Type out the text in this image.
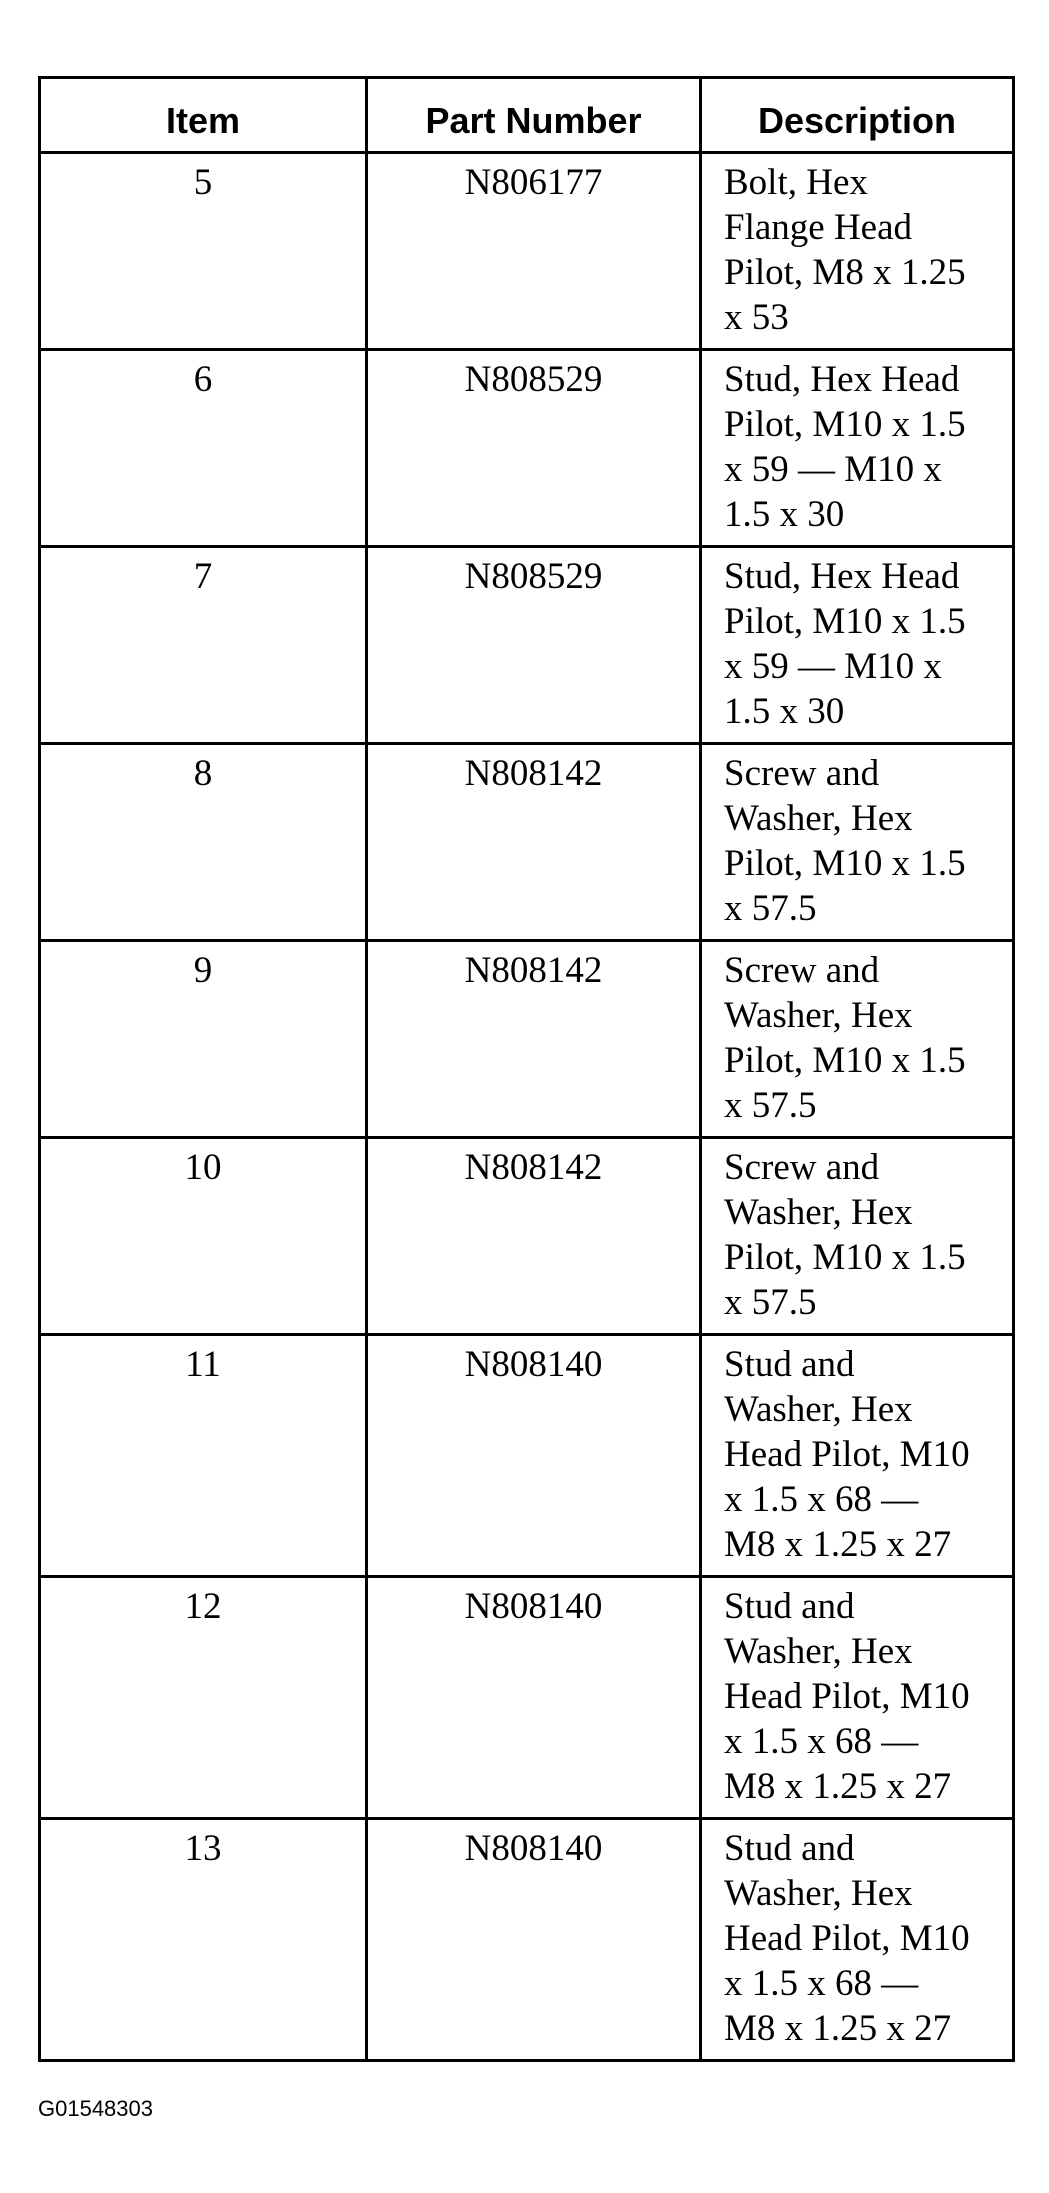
Item	Part Number	Description
5	N806177	Bolt, Hex
Flange Head
Pilot, M8 x 1.25
x 53
6	N808529	Stud, Hex Head
Pilot, M10 x 1.5
x 59 — M10 x
1.5 x 30
7	N808529	Stud, Hex Head
Pilot, M10 x 1.5
x 59 — M10 x
1.5 x 30
8	N808142	Screw and
Washer, Hex
Pilot, M10 x 1.5
x 57.5
9	N808142	Screw and
Washer, Hex
Pilot, M10 x 1.5
x 57.5
10	N808142	Screw and
Washer, Hex
Pilot, M10 x 1.5
x 57.5
11	N808140	Stud and
Washer, Hex
Head Pilot, M10
x 1.5 x 68 —
M8 x 1.25 x 27
12	N808140	Stud and
Washer, Hex
Head Pilot, M10
x 1.5 x 68 —
M8 x 1.25 x 27
13	N808140	Stud and
Washer, Hex
Head Pilot, M10
x 1.5 x 68 —
M8 x 1.25 x 27
G01548303
